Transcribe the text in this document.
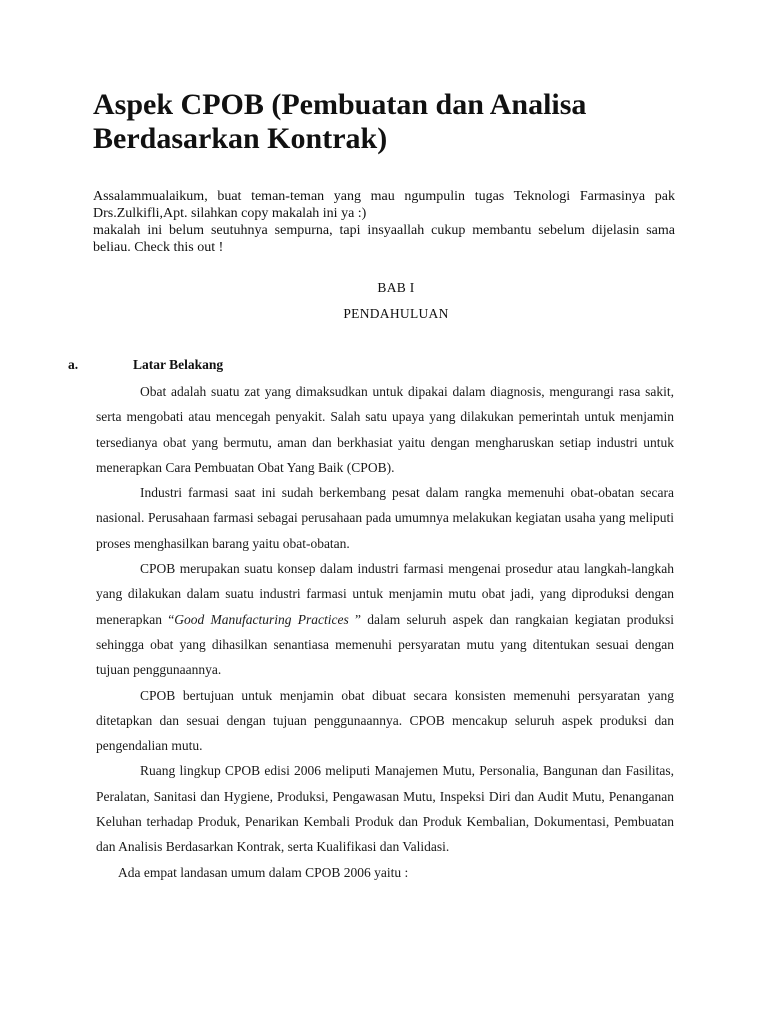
Aspek CPOB (Pembuatan dan Analisa Berdasarkan Kontrak)

Assalammualaikum, buat teman-teman yang mau ngumpulin tugas Teknologi Farmasinya pak Drs.Zulkifli,Apt. silahkan copy makalah ini ya :)

makalah ini belum seutuhnya sempurna, tapi insyaallah cukup membantu sebelum dijelasin sama beliau. Check this out !

BAB I
PENDAHULUAN
a.	Latar Belakang

Obat adalah suatu zat yang dimaksudkan untuk dipakai dalam diagnosis, mengurangi rasa sakit, serta mengobati atau mencegah penyakit. Salah satu upaya yang dilakukan pemerintah untuk menjamin tersedianya obat yang bermutu, aman dan berkhasiat yaitu dengan mengharuskan setiap industri untuk menerapkan Cara Pembuatan Obat Yang Baik (CPOB).

Industri farmasi saat ini sudah berkembang pesat dalam rangka memenuhi obat-obatan secara nasional. Perusahaan farmasi sebagai perusahaan pada umumnya melakukan kegiatan usaha yang meliputi proses menghasilkan barang yaitu obat-obatan.

CPOB merupakan suatu konsep dalam industri farmasi mengenai prosedur atau langkah-langkah yang dilakukan dalam suatu industri farmasi untuk menjamin mutu obat jadi, yang diproduksi dengan menerapkan “Good Manufacturing Practices ” dalam seluruh aspek dan rangkaian kegiatan produksi sehingga obat yang dihasilkan senantiasa memenuhi persyaratan mutu yang ditentukan sesuai dengan tujuan penggunaannya.

CPOB bertujuan untuk menjamin obat dibuat secara konsisten memenuhi persyaratan yang ditetapkan dan sesuai dengan tujuan penggunaannya. CPOB mencakup seluruh aspek produksi dan pengendalian mutu.

Ruang lingkup CPOB edisi 2006 meliputi Manajemen Mutu, Personalia, Bangunan dan Fasilitas, Peralatan, Sanitasi dan Hygiene, Produksi, Pengawasan Mutu, Inspeksi Diri dan Audit Mutu, Penanganan Keluhan terhadap Produk, Penarikan Kembali Produk dan Produk Kembalian, Dokumentasi, Pembuatan dan Analisis Berdasarkan Kontrak, serta Kualifikasi dan Validasi.

Ada empat landasan umum dalam CPOB 2006 yaitu :
